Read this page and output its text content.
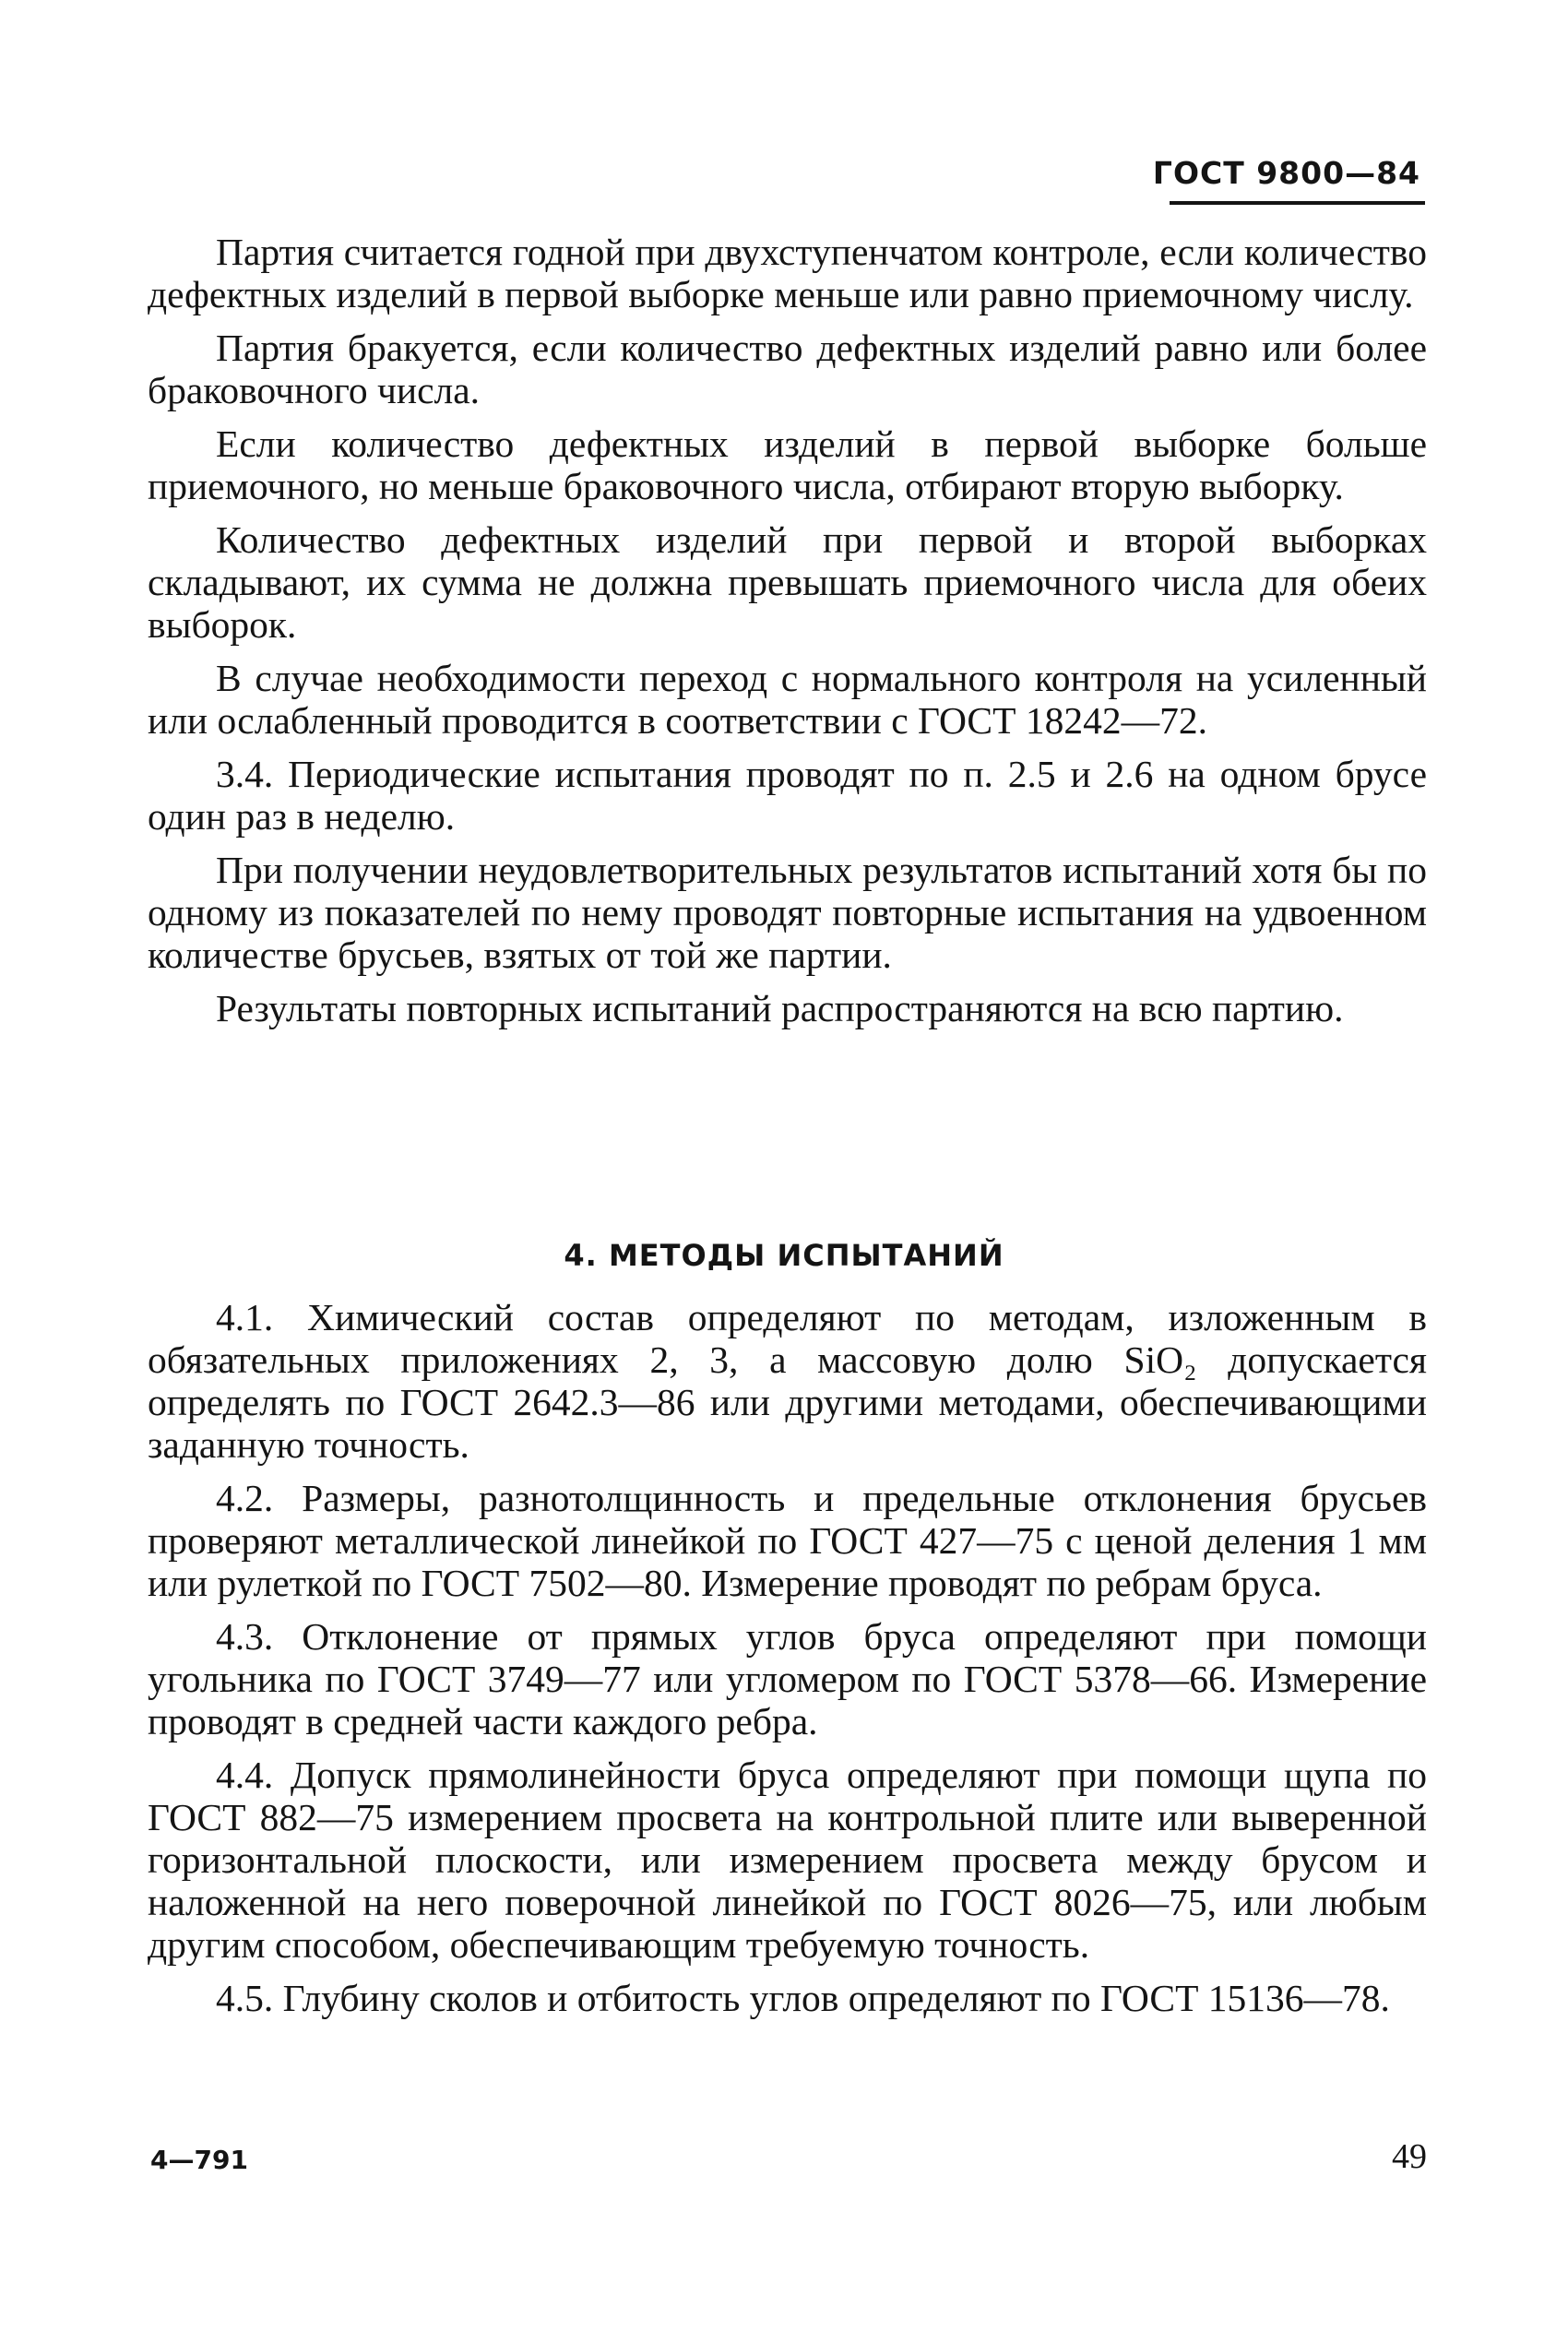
ГОСТ 9800—84

Партия считается годной при двухступенчатом контроле, если количество дефектных изделий в первой выборке меньше или равно приемочному числу.

Партия бракуется, если количество дефектных изделий равно или более браковочного числа.

Если количество дефектных изделий в первой выборке больше приемочного, но меньше браковочного числа, отбирают вторую выборку.

Количество дефектных изделий при первой и второй выборках складывают, их сумма не должна превышать приемочного числа для обеих выборок.

В случае необходимости переход с нормального контроля на усиленный или ослабленный проводится в соответствии с ГОСТ 18242—72.

3.4. Периодические испытания проводят по п. 2.5 и 2.6 на одном брусе один раз в неделю.

При получении неудовлетворительных результатов испытаний хотя бы по одному из показателей по нему проводят повторные испытания на удвоенном количестве брусьев, взятых от той же партии.

Результаты повторных испытаний распространяются на всю партию.

4. МЕТОДЫ ИСПЫТАНИЙ

4.1. Химический состав определяют по методам, изложенным в обязательных приложениях 2, 3, а массовую долю SiO₂ допускается определять по ГОСТ 2642.3—86 или другими методами, обеспечивающими заданную точность.

4.2. Размеры, разнотолщинность и предельные отклонения брусьев проверяют металлической линейкой по ГОСТ 427—75 с ценой деления 1 мм или рулеткой по ГОСТ 7502—80. Измерение проводят по ребрам бруса.

4.3. Отклонение от прямых углов бруса определяют при помощи угольника по ГОСТ 3749—77 или угломером по ГОСТ 5378—66. Измерение проводят в средней части каждого ребра.

4.4. Допуск прямолинейности бруса определяют при помощи щупа по ГОСТ 882—75 измерением просвета на контрольной плите или выверенной горизонтальной плоскости, или измерением просвета между брусом и наложенной на него поверочной линейкой по ГОСТ 8026—75, или любым другим способом, обеспечивающим требуемую точность.

4.5. Глубину сколов и отбитость углов определяют по ГОСТ 15136—78.

4—791	49
